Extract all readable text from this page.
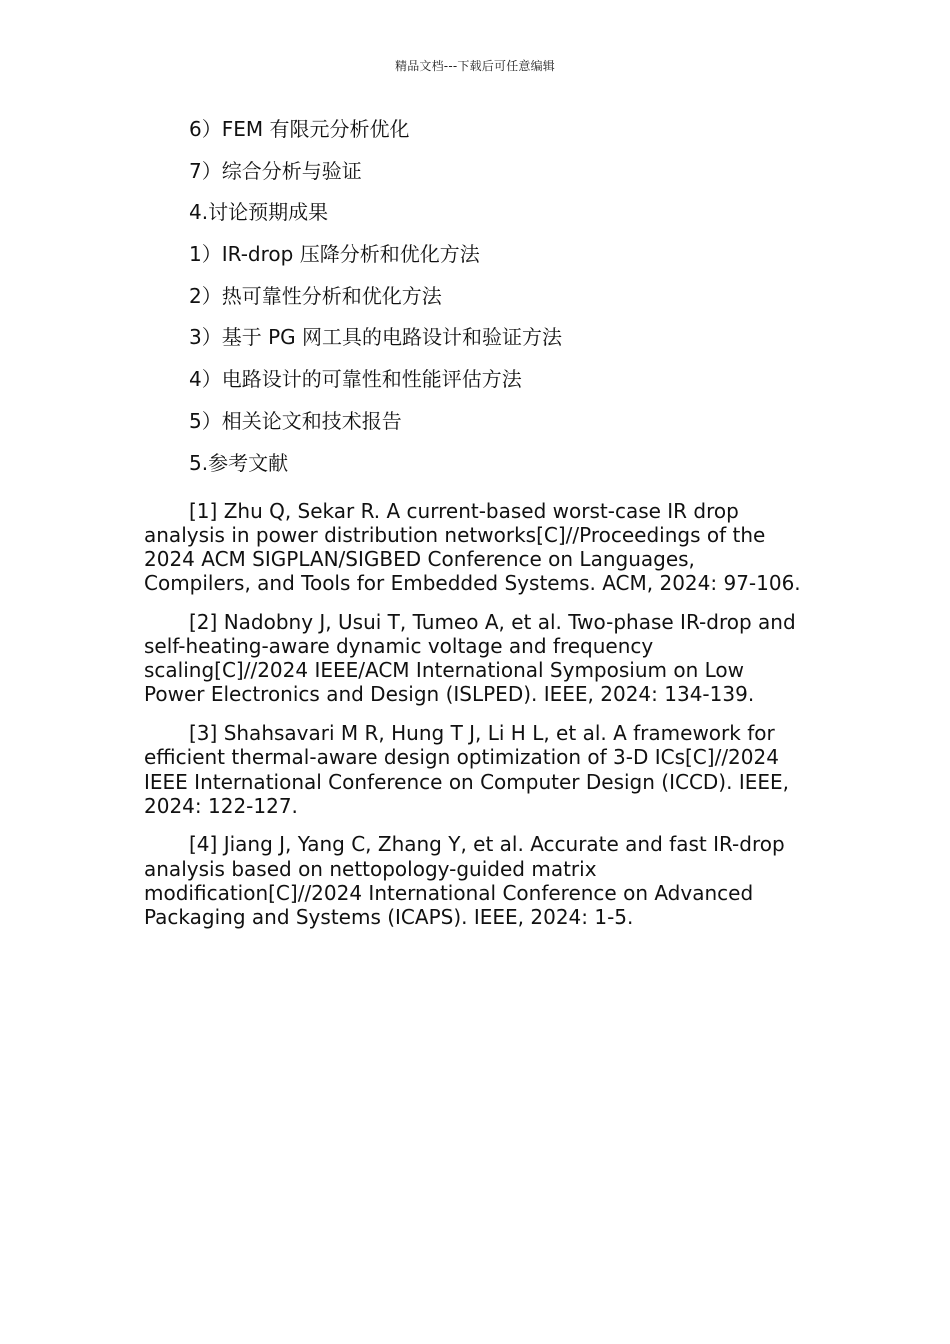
精品文档---下载后可任意编辑
6）FEM 有限元分析优化
7）综合分析与验证
4.讨论预期成果
1）IR-drop 压降分析和优化方法
2）热可靠性分析和优化方法
3）基于 PG 网工具的电路设计和验证方法
4）电路设计的可靠性和性能评估方法
5）相关论文和技术报告
5.参考文献

[1] Zhu Q, Sekar R. A current-based worst-case IR drop analysis in power distribution networks[C]//Proceedings of the 2024 ACM SIGPLAN/SIGBED Conference on Languages, Compilers, and Tools for Embedded Systems. ACM, 2024: 97-106.

[2] Nadobny J, Usui T, Tumeo A, et al. Two-phase IR-drop and self-heating-aware dynamic voltage and frequency scaling[C]//2024 IEEE/ACM International Symposium on Low Power Electronics and Design (ISLPED). IEEE, 2024: 134-139.

[3] Shahsavari M R, Hung T J, Li H L, et al. A framework for efficient thermal-aware design optimization of 3-D ICs[C]//2024 IEEE International Conference on Computer Design (ICCD). IEEE, 2024: 122-127.

[4] Jiang J, Yang C, Zhang Y, et al. Accurate and fast IR-drop analysis based on nettopology-guided matrix modification[C]//2024 International Conference on Advanced Packaging and Systems (ICAPS). IEEE, 2024: 1-5.
